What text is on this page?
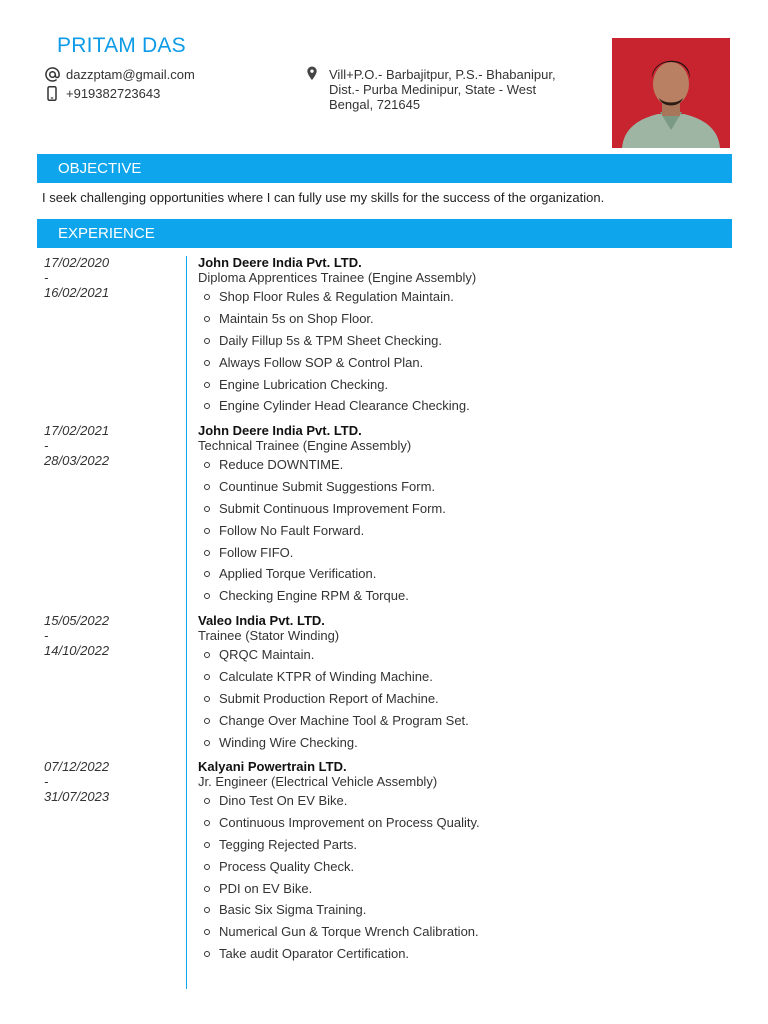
PRITAM DAS
dazzptam@gmail.com
+919382723643
Vill+P.O.- Barbajitpur, P.S.- Bhabanipur, Dist.- Purba Medinipur, State - West Bengal, 721645
OBJECTIVE
I seek challenging opportunities where I can fully use my skills for the success of the organization.
EXPERIENCE
17/02/2020
-
16/02/2021
John Deere India Pvt. LTD.
Diploma Apprentices Trainee (Engine Assembly)
Shop Floor Rules & Regulation Maintain.
Maintain 5s on Shop Floor.
Daily Fillup 5s & TPM Sheet Checking.
Always Follow SOP & Control Plan.
Engine Lubrication Checking.
Engine Cylinder Head Clearance Checking.
17/02/2021
-
28/03/2022
John Deere India Pvt. LTD.
Technical Trainee (Engine Assembly)
Reduce DOWNTIME.
Countinue Submit Suggestions Form.
Submit Continuous Improvement Form.
Follow No Fault Forward.
Follow FIFO.
Applied Torque Verification.
Checking Engine RPM & Torque.
15/05/2022
-
14/10/2022
Valeo India Pvt. LTD.
Trainee (Stator Winding)
QRQC Maintain.
Calculate KTPR of Winding Machine.
Submit Production Report of Machine.
Change Over Machine Tool & Program Set.
Winding Wire Checking.
07/12/2022
-
31/07/2023
Kalyani Powertrain LTD.
Jr. Engineer (Electrical Vehicle Assembly)
Dino Test On EV Bike.
Continuous Improvement on Process Quality.
Tegging Rejected Parts.
Process Quality Check.
PDI on EV Bike.
Basic Six Sigma Training.
Numerical Gun & Torque Wrench Calibration.
Take audit Oparator Certification.
